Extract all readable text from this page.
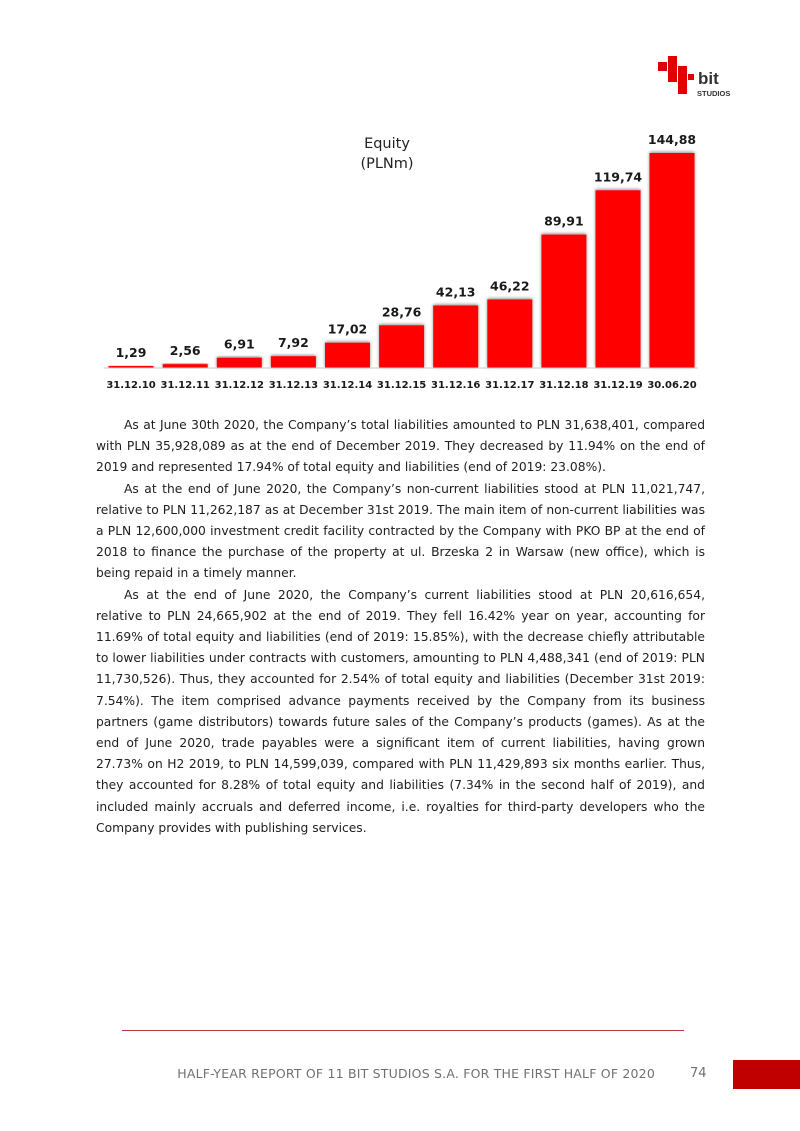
bit
STUDIOS
Equity
(PLNm)
1,29
31.12.10
2,56
31.12.11
6,91
31.12.12
7,92
31.12.13
17,02
31.12.14
28,76
31.12.15
42,13
31.12.16
46,22
31.12.17
89,91
31.12.18
119,74
31.12.19
144,88
30.06.20

As at June 30th 2020, the Company’s total liabilities amounted to PLN 31,638,401, compared with PLN 35,928,089 as at the end of December 2019. They decreased by 11.94% on the end of 2019 and represented 17.94% of total equity and liabilities (end of 2019: 23.08%).

As at the end of June 2020, the Company’s non-current liabilities stood at PLN 11,021,747, relative to PLN 11,262,187 as at December 31st 2019. The main item of non-current liabilities was a PLN 12,600,000 investment credit facility contracted by the Company with PKO BP at the end of 2018 to finance the purchase of the property at ul. Brzeska 2 in Warsaw (new office), which is being repaid in a timely manner.

As at the end of June 2020, the Company’s current liabilities stood at PLN 20,616,654, relative to PLN 24,665,902 at the end of 2019. They fell 16.42% year on year, accounting for 11.69% of total equity and liabilities (end of 2019: 15.85%), with the decrease chiefly attributable to lower liabilities under contracts with customers, amounting to PLN 4,488,341 (end of 2019: PLN 11,730,526). Thus, they accounted for 2.54% of total equity and liabilities (December 31st 2019: 7.54%). The item comprised advance payments received by the Company from its business partners (game distributors) towards future sales of the Company’s products (games). As at the end of June 2020, trade payables were a significant item of current liabilities, having grown 27.73% on H2 2019, to PLN 14,599,039, compared with PLN 11,429,893 six months earlier. Thus, they accounted for 8.28% of total equity and liabilities (7.34% in the second half of 2019), and included mainly accruals and deferred income, i.e. royalties for third-party developers who the Company provides with publishing services.

HALF-YEAR REPORT OF 11 BIT STUDIOS S.A. FOR THE FIRST HALF OF 2020	74
